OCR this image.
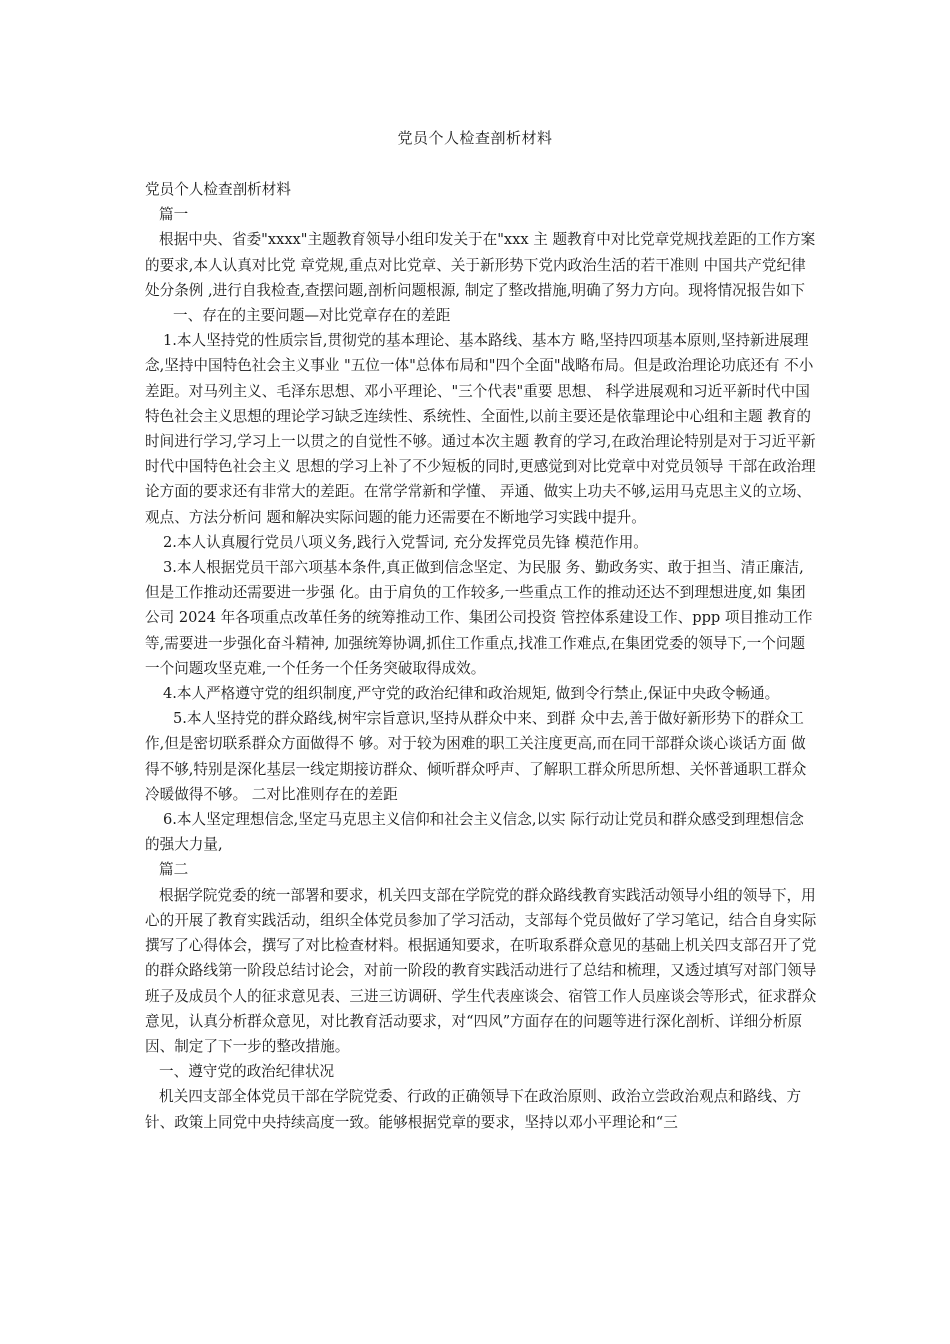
党员个人检查剖析材料

党员个人检查剖析材料

篇一

根据中央、省委"xxxx"主题教育领导小组印发关于在"xxx 主 题教育中对比党章党规找差距的工作方案的要求,本人认真对比党 章党规,重点对比党章、关于新形势下党内政治生活的若干准则 中国共产党纪律处分条例 ,进行自我检查,查摆问题,剖析问题根源, 制定了整改措施,明确了努力方向。现将情况报告如下

一、存在的主要问题—对比党章存在的差距

1.本人坚持党的性质宗旨,贯彻党的基本理论、基本路线、基本方 略,坚持四项基本原则,坚持新进展理念,坚持中国特色社会主义事业 "五位一体"总体布局和"四个全面"战略布局。但是政治理论功底还有 不小差距。对马列主义、毛泽东思想、邓小平理论、"三个代表"重要 思想、 科学进展观和习近平新时代中国特色社会主义思想的理论学习缺乏连续性、系统性、全面性,以前主要还是依靠理论中心组和主题 教育的时间进行学习,学习上一以贯之的自觉性不够。通过本次主题 教育的学习,在政治理论特别是对于习近平新时代中国特色社会主义 思想的学习上补了不少短板的同时,更感觉到对比党章中对党员领导 干部在政治理论方面的要求还有非常大的差距。在常学常新和学懂、 弄通、做实上功夫不够,运用马克思主义的立场、观点、方法分析问 题和解决实际问题的能力还需要在不断地学习实践中提升。

2.本人认真履行党员八项义务,践行入党誓词, 充分发挥党员先锋 模范作用。

3.本人根据党员干部六项基本条件,真正做到信念坚定、为民服 务、勤政务实、敢于担当、清正廉洁,但是工作推动还需要进一步强 化。由于肩负的工作较多,一些重点工作的推动还达不到理想进度,如 集团公司 2024 年各项重点改革任务的统筹推动工作、集团公司投资 管控体系建设工作、ppp 项目推动工作等,需要进一步强化奋斗精神, 加强统筹协调,抓住工作重点,找准工作难点,在集团党委的领导下,一个问题一个问题攻坚克难,一个任务一个任务突破取得成效。

4.本人严格遵守党的组织制度,严守党的政治纪律和政治规矩, 做到令行禁止,保证中央政令畅通。

5.本人坚持党的群众路线,树牢宗旨意识,坚持从群众中来、到群 众中去,善于做好新形势下的群众工作,但是密切联系群众方面做得不 够。对于较为困难的职工关注度更高,而在同干部群众谈心谈话方面 做得不够,特别是深化基层一线定期接访群众、倾听群众呼声、了解职工群众所思所想、关怀普通职工群众冷暖做得不够。 二对比准则存在的差距

6.本人坚定理想信念,坚定马克思主义信仰和社会主义信念,以实 际行动让党员和群众感受到理想信念的强大力量,

篇二

根据学院党委的统一部署和要求，机关四支部在学院党的群众路线教育实践活动领导小组的领导下，用心的开展了教育实践活动，组织全体党员参加了学习活动，支部每个党员做好了学习笔记，结合自身实际撰写了心得体会，撰写了对比检查材料。根据通知要求，在听取系群众意见的基础上机关四支部召开了党的群众路线第一阶段总结讨论会，对前一阶段的教育实践活动进行了总结和梳理，又透过填写对部门领导班子及成员个人的征求意见表、三进三访调研、学生代表座谈会、宿管工作人员座谈会等形式，征求群众意见，认真分析群众意见，对比教育活动要求，对“四风”方面存在的问题等进行深化剖析、详细分析原因、制定了下一步的整改措施。

一、遵守党的政治纪律状况

机关四支部全体党员干部在学院党委、行政的正确领导下在政治原则、政治立尝政治观点和路线、方针、政策上同党中央持续高度一致。能够根据党章的要求，坚持以邓小平理论和“三
